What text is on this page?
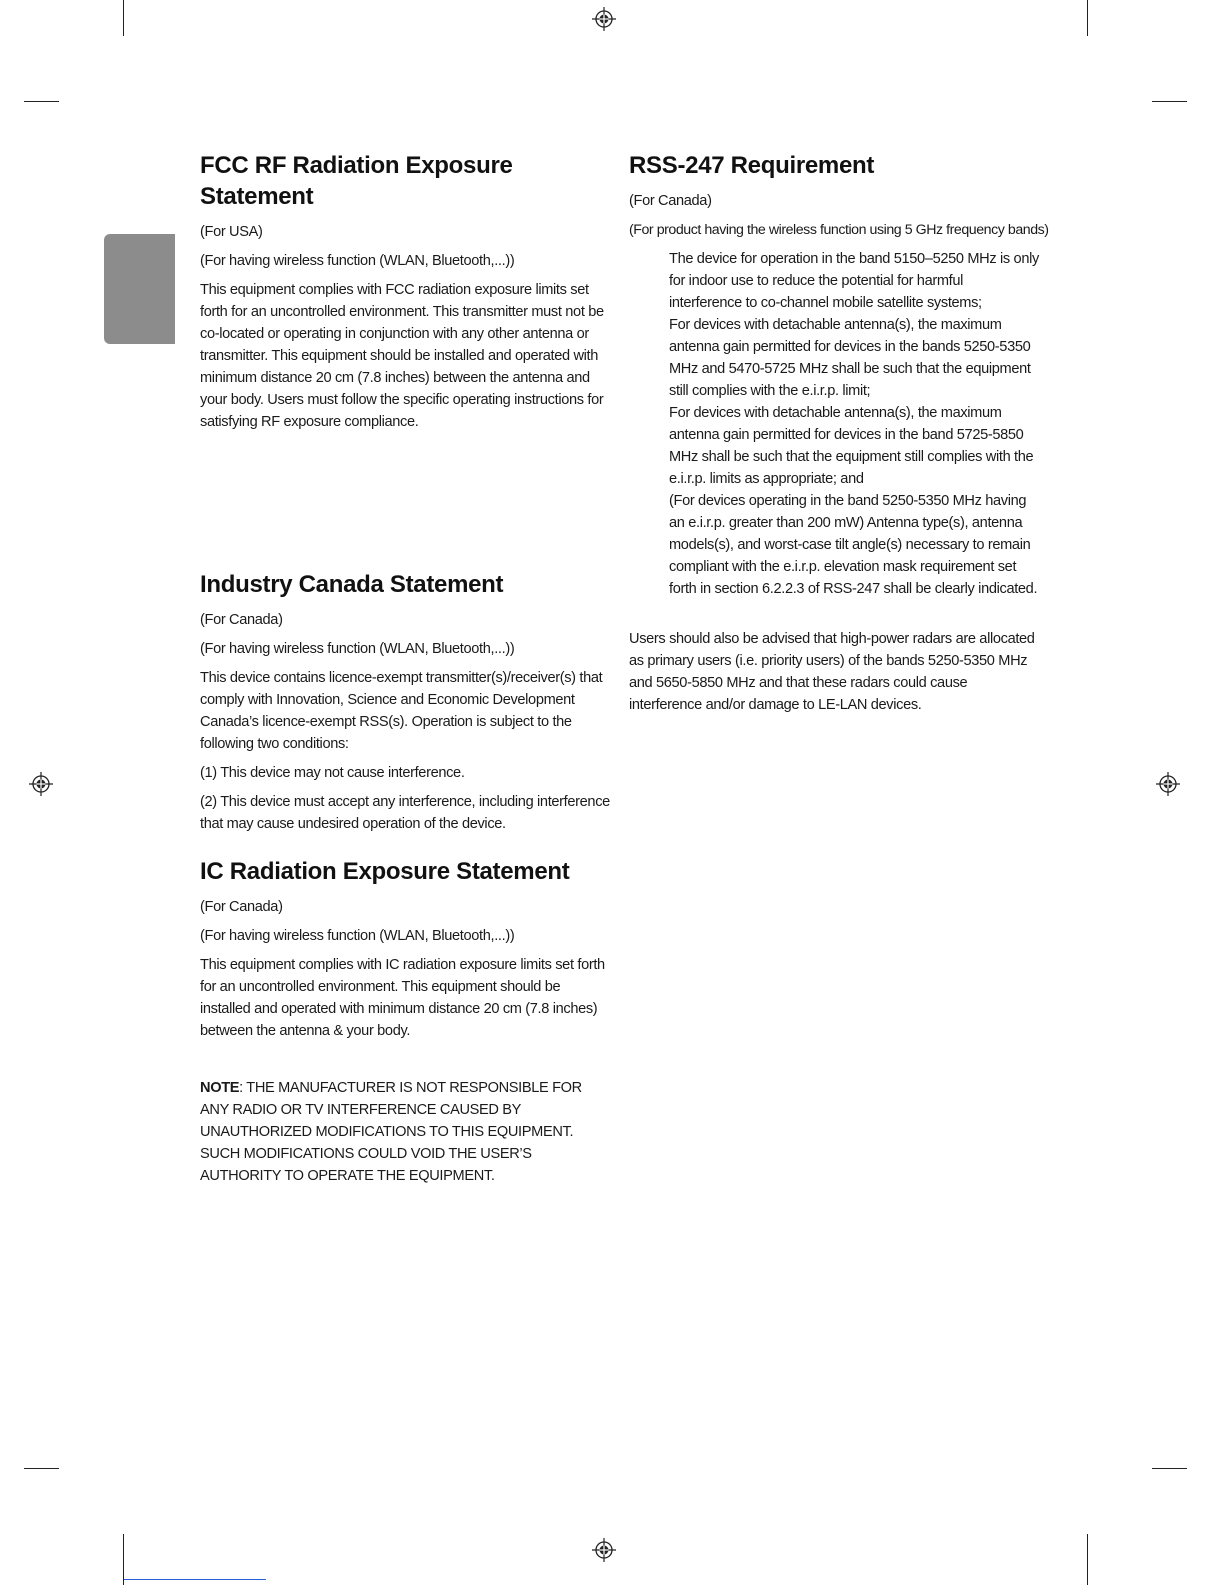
FCC RF Radiation Exposure Statement

(For USA)

(For having wireless function (WLAN, Bluetooth,...))

This equipment complies with FCC radiation exposure limits set forth for an uncontrolled environment. This transmitter must not be co-located or operating in conjunction with any other antenna or transmitter. This equipment should be installed and operated with minimum distance 20 cm (7.8 inches) between the antenna and your body. Users must follow the specific operating instructions for satisfying RF exposure compliance.

Industry Canada Statement

(For Canada)

(For having wireless function (WLAN, Bluetooth,...))

This device contains licence-exempt transmitter(s)/receiver(s) that comply with Innovation, Science and Economic Development Canada’s licence-exempt RSS(s). Operation is subject to the following two conditions:

(1) This device may not cause interference.

(2) This device must accept any interference, including interference that may cause undesired operation of the device.

IC Radiation Exposure Statement

(For Canada)

(For having wireless function (WLAN, Bluetooth,...))

This equipment complies with IC radiation exposure limits set forth for an uncontrolled environment. This equipment should be installed and operated with minimum distance 20 cm (7.8 inches) between the antenna & your body.

NOTE: THE MANUFACTURER IS NOT RESPONSIBLE FOR ANY RADIO OR TV INTERFERENCE CAUSED BY UNAUTHORIZED MODIFICATIONS TO THIS EQUIPMENT. SUCH MODIFICATIONS COULD VOID THE USER’S AUTHORITY TO OPERATE THE EQUIPMENT.

RSS-247 Requirement

(For Canada)

(For product having the wireless function using 5 GHz frequency bands)

The device for operation in the band 5150–5250 MHz is only for indoor use to reduce the potential for harmful interference to co-channel mobile satellite systems;

For devices with detachable antenna(s), the maximum antenna gain permitted for devices in the bands 5250-5350 MHz and 5470-5725 MHz shall be such that the equipment still complies with the e.i.r.p. limit;

For devices with detachable antenna(s), the maximum antenna gain permitted for devices in the band 5725-5850 MHz shall be such that the equipment still complies with the e.i.r.p. limits as appropriate; and

(For devices operating in the band 5250-5350 MHz having an e.i.r.p. greater than 200 mW) Antenna type(s), antenna models(s), and worst-case tilt angle(s) necessary to remain compliant with the e.i.r.p. elevation mask requirement set forth in section 6.2.2.3 of RSS-247 shall be clearly indicated.

Users should also be advised that high-power radars are allocated as primary users (i.e. priority users) of the bands 5250-5350 MHz and 5650-5850 MHz and that these radars could cause interference and/or damage to LE-LAN devices.
